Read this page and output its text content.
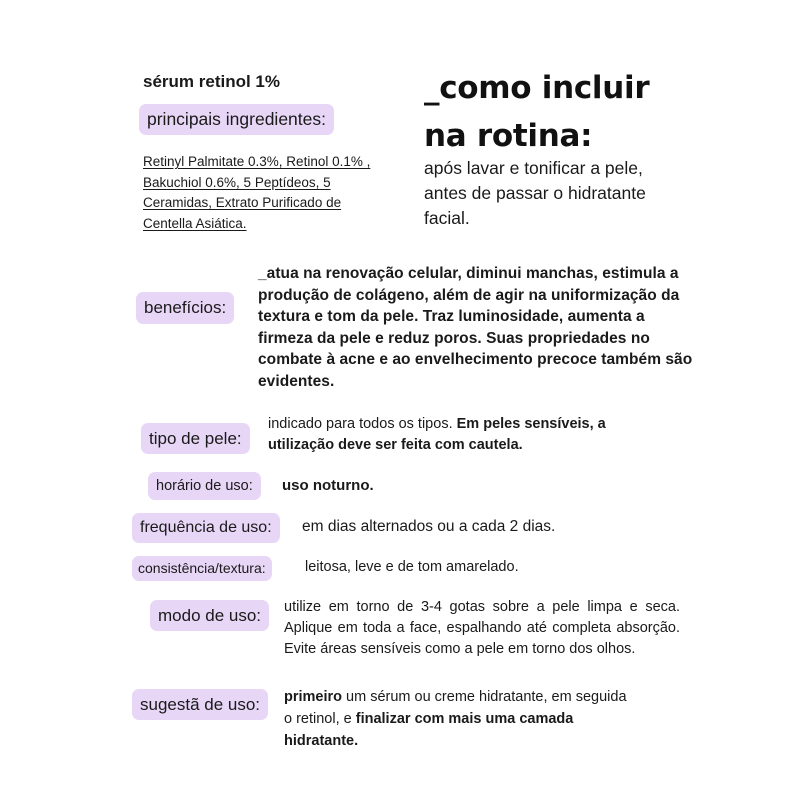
sérum retinol 1%
principais ingredientes:
Retinyl Palmitate 0.3%, Retinol 0.1% , Bakuchiol 0.6%, 5 Peptídeos, 5 Ceramidas, Extrato Purificado de Centella Asiática.
_como incluir
na rotina:
após lavar e tonificar a pele, antes de passar o hidratante facial.
benefícios:
_atua na renovação celular, diminui manchas, estimula a produção de colágeno, além de agir na uniformização da textura e tom da pele. Traz luminosidade, aumenta a firmeza da pele e reduz poros. Suas propriedades no combate à acne e ao envelhecimento precoce também são evidentes.
tipo de pele:
indicado para todos os tipos. Em peles sensíveis, a utilização deve ser feita com cautela.
horário de uso:	uso noturno.
frequência de uso:	em dias alternados ou a cada 2 dias.
consistência/textura:	leitosa, leve e de tom amarelado.
modo de uso:	utilize em torno de 3-4 gotas sobre a pele limpa e seca. Aplique em toda a face, espalhando até completa absorção. Evite áreas sensíveis como a pele em torno dos olhos.
sugestã de uso:	primeiro um sérum ou creme hidratante, em seguida o retinol, e finalizar com mais uma camada hidratante.
